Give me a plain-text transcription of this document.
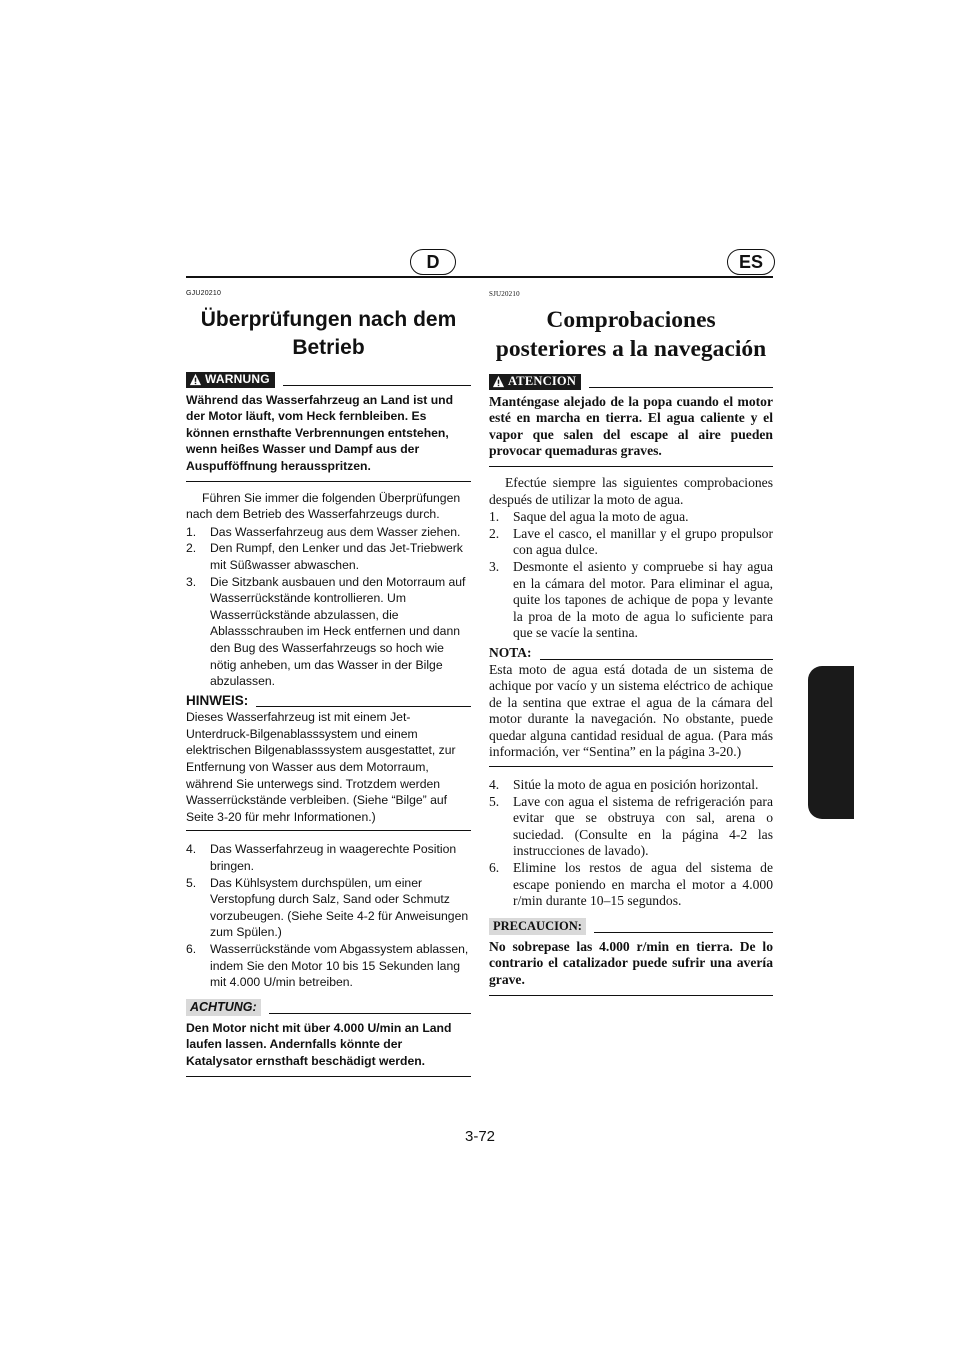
D	ES
GJU20210
Überprüfungen nach dem Betrieb
WARNUNG
Während das Wasserfahrzeug an Land ist und der Motor läuft, vom Heck fernbleiben. Es können ernsthafte Verbrennungen entstehen, wenn heißes Wasser und Dampf aus der Auspufföffnung herausspritzen.

Führen Sie immer die folgenden Überprüfungen nach dem Betrieb des Wasserfahrzeugs durch.

1.	Das Wasserfahrzeug aus dem Wasser ziehen.
2.	Den Rumpf, den Lenker und das Jet-Triebwerk mit Süßwasser abwaschen.
3.	Die Sitzbank ausbauen und den Motorraum auf Wasserrückstände kontrollieren. Um Wasserrückstände abzulassen, die Ablassschrauben im Heck entfernen und dann den Bug des Wasserfahrzeugs so hoch wie nötig anheben, um das Wasser in der Bilge abzulassen.
HINWEIS:
Dieses Wasserfahrzeug ist mit einem Jet-Unterdruck-Bilgenablasssystem und einem elektrischen Bilgenablasssystem ausgestattet, zur Entfernung von Wasser aus dem Motorraum, während Sie unterwegs sind. Trotzdem werden Wasserrückstände verbleiben. (Siehe “Bilge” auf Seite 3-20 für mehr Informationen.)
4.	Das Wasserfahrzeug in waagerechte Position bringen.
5.	Das Kühlsystem durchspülen, um einer Verstopfung durch Salz, Sand oder Schmutz vorzubeugen. (Siehe Seite 4-2 für Anweisungen zum Spülen.)
6.	Wasserrückstände vom Abgassystem ablassen, indem Sie den Motor 10 bis 15 Sekunden lang mit 4.000 U/min betreiben.
ACHTUNG:
Den Motor nicht mit über 4.000 U/min an Land laufen lassen. Andernfalls könnte der Katalysator ernsthaft beschädigt werden.
SJU20210
Comprobaciones posteriores a la navegación
ATENCION
Manténgase alejado de la popa cuando el motor esté en marcha en tierra. El agua caliente y el vapor que salen del escape al aire pueden provocar quemaduras graves.

Efectúe siempre las siguientes comprobaciones después de utilizar la moto de agua.

1.	Saque del agua la moto de agua.
2.	Lave el casco, el manillar y el grupo propulsor con agua dulce.
3.	Desmonte el asiento y compruebe si hay agua en la cámara del motor. Para eliminar el agua, quite los tapones de achique de popa y levante la proa de la moto de agua lo suficiente para que se vacíe la sentina.
NOTA:
Esta moto de agua está dotada de un sistema de achique por vacío y un sistema eléctrico de achique de la sentina que extrae el agua de la cámara del motor durante la navegación. No obstante, puede quedar alguna cantidad residual de agua. (Para más información, ver “Sentina” en la página 3-20.)
4.	Sitúe la moto de agua en posición horizontal.
5.	Lave con agua el sistema de refrigeración para evitar que se obstruya con sal, arena o suciedad. (Consulte en la página 4-2 las instrucciones de lavado).
6.	Elimine los restos de agua del sistema de escape poniendo en marcha el motor a 4.000 r/min durante 10–15 segundos.
PRECAUCION:
No sobrepase las 4.000 r/min en tierra. De lo contrario el catalizador puede sufrir una avería grave.
3-72
